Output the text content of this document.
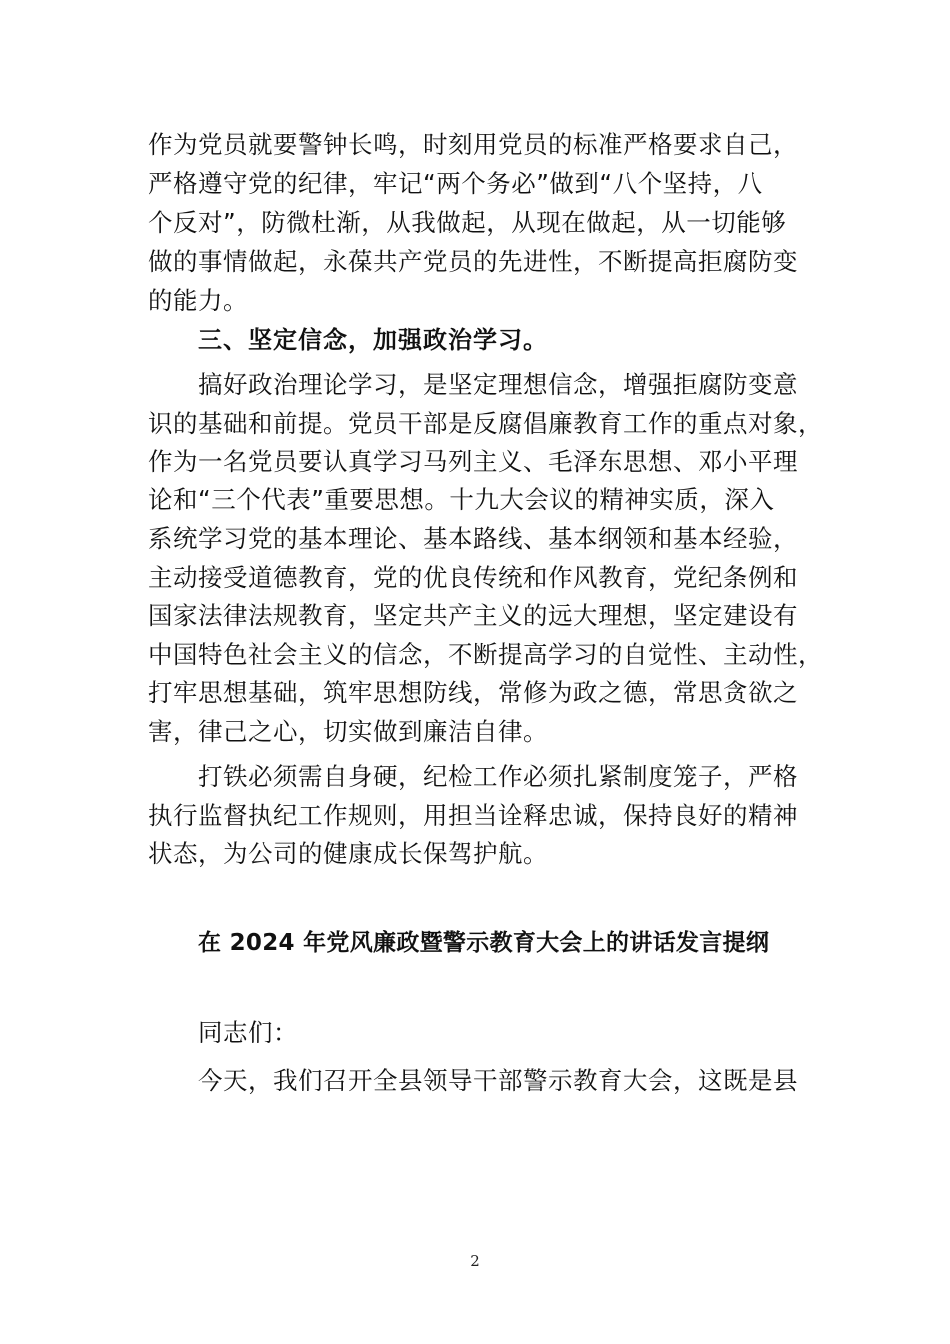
作为党员就要警钟长鸣，时刻用党员的标准严格要求自己，
严格遵守党的纪律，牢记“两个务必”做到“八个坚持，八
个反对”，防微杜渐，从我做起，从现在做起，从一切能够
做的事情做起，永葆共产党员的先进性，不断提高拒腐防变
的能力。
三、坚定信念，加强政治学习。
　　搞好政治理论学习，是坚定理想信念，增强拒腐防变意
识的基础和前提。党员干部是反腐倡廉教育工作的重点对象，
作为一名党员要认真学习马列主义、毛泽东思想、邓小平理
论和“三个代表”重要思想。十九大会议的精神实质，深入
系统学习党的基本理论、基本路线、基本纲领和基本经验，
主动接受道德教育，党的优良传统和作风教育，党纪条例和
国家法律法规教育，坚定共产主义的远大理想，坚定建设有
中国特色社会主义的信念，不断提高学习的自觉性、主动性，
打牢思想基础，筑牢思想防线，常修为政之德，常思贪欲之
害，律己之心，切实做到廉洁自律。
　　打铁必须需自身硬，纪检工作必须扎紧制度笼子，严格
执行监督执纪工作规则，用担当诠释忠诚，保持良好的精神
状态，为公司的健康成长保驾护航。
在 2024 年党风廉政暨警示教育大会上的讲话发言提纲
　　同志们：
　　今天，我们召开全县领导干部警示教育大会，这既是县
2
